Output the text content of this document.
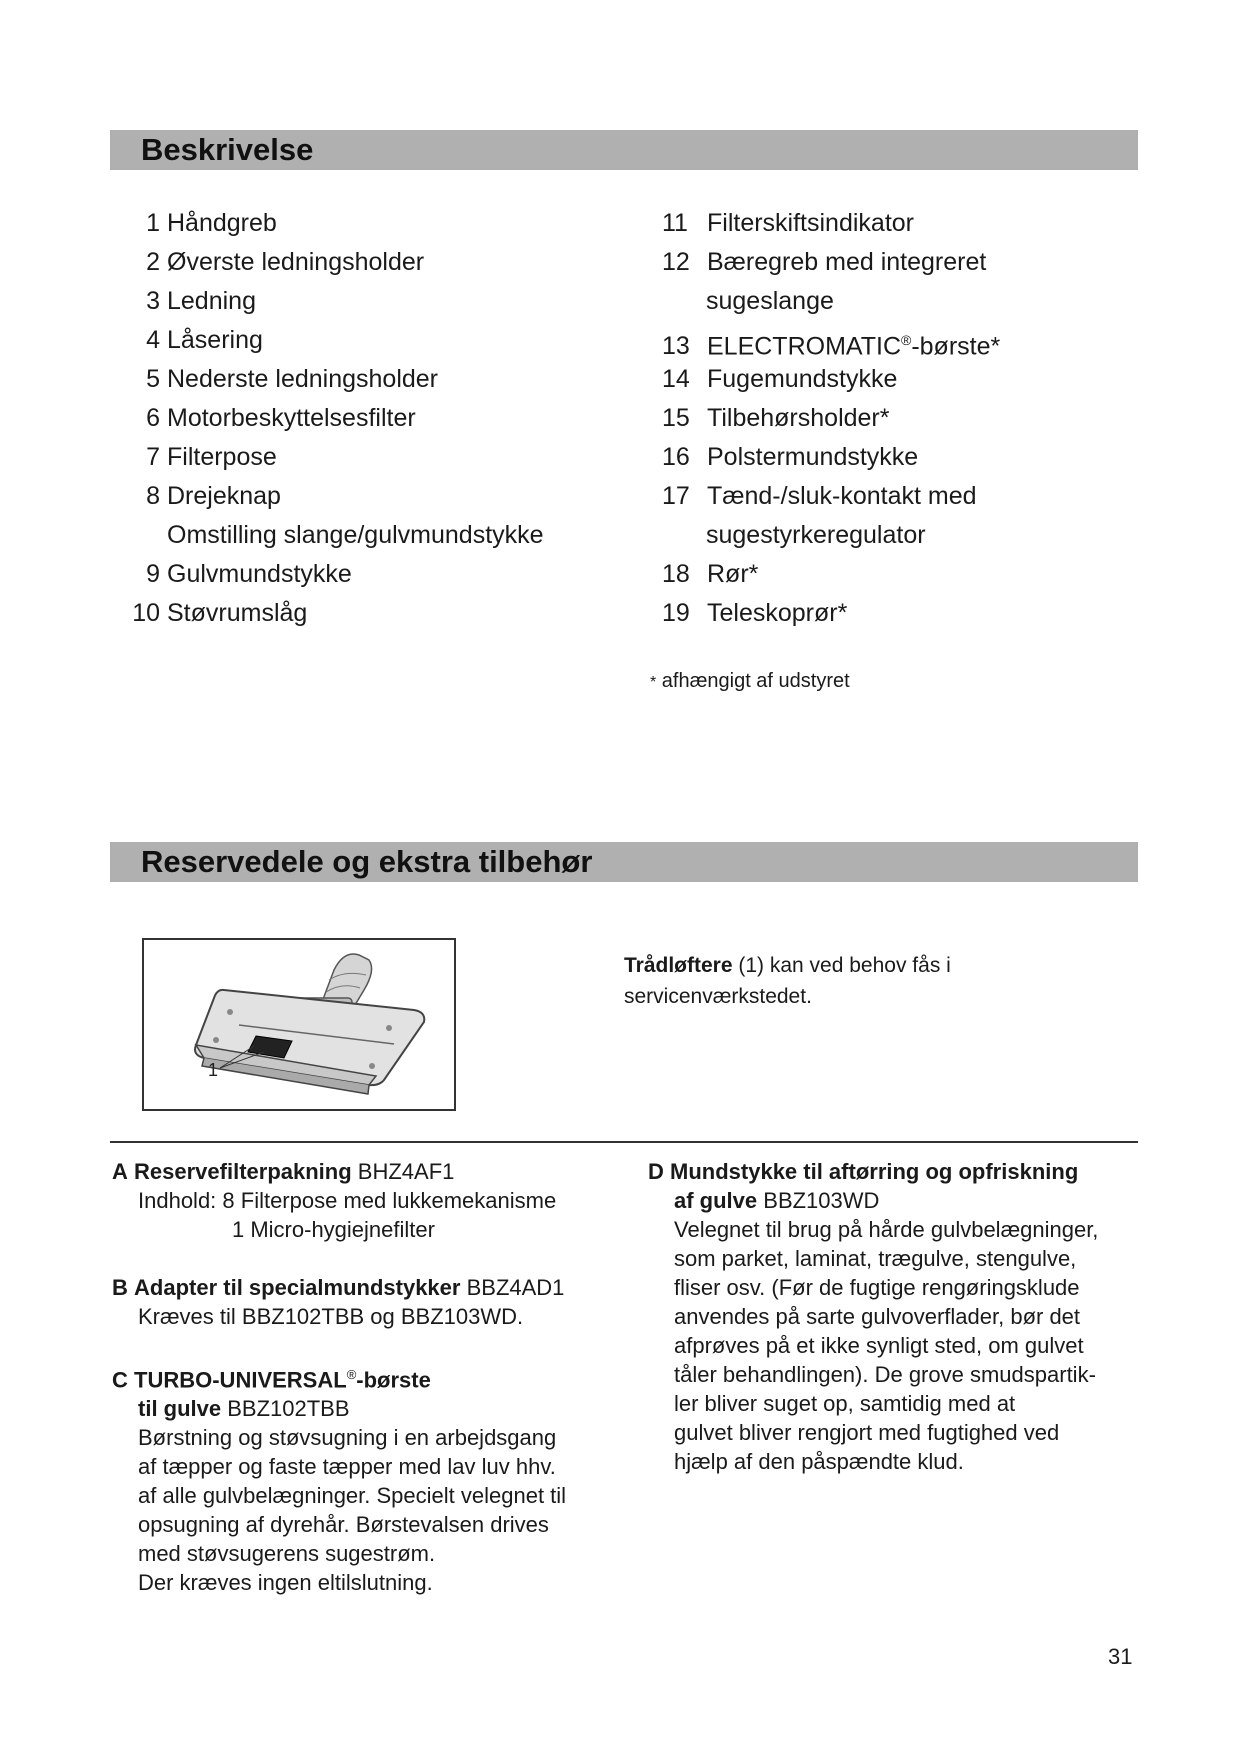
Beskrivelse
1 Håndgreb
2 Øverste ledningsholder
3 Ledning
4 Låsering
5 Nederste ledningsholder
6 Motorbeskyttelsesfilter
7 Filterpose
8 Drejeknap
Omstilling slange/gulvmundstykke
9 Gulvmundstykke
10 Støvrumslåg
11 Filterskiftsindikator
12 Bæregreb med integreret
sugeslange
13 ELECTROMATIC®-børste*
14 Fugemundstykke
15 Tilbehørsholder*
16 Polstermundstykke
17 Tænd-/sluk-kontakt med
sugestyrkeregulator
18 Rør*
19 Teleskoprør*
* afhængigt af udstyret
Reservedele og ekstra tilbehør
1
Trådløftere (1) kan ved behov fås i servicenværkstedet.
A Reservefilterpakning BHZ4AF1
Indhold: 8 Filterpose med lukkemekanisme
1 Micro-hygiejnefilter
B Adapter til specialmundstykker BBZ4AD1
Kræves til BBZ102TBB og BBZ103WD.
C TURBO-UNIVERSAL®-børste
til gulve BBZ102TBB
Børstning og støvsugning i en arbejdsgang
af tæpper og faste tæpper med lav luv hhv.
af alle gulvbelægninger. Specielt velegnet til
opsugning af dyrehår. Børstevalsen drives
med støvsugerens sugestrøm.
Der kræves ingen eltilslutning.
D Mundstykke til aftørring og opfriskning
af gulve BBZ103WD
Velegnet til brug på hårde gulvbelægninger,
som parket, laminat, trægulve, stengulve,
fliser osv. (Før de fugtige rengøringsklude
anvendes på sarte gulvoverflader, bør det
afprøves på et ikke synligt sted, om gulvet
tåler behandlingen). De grove smudspartik-
ler bliver suget op, samtidig med at
gulvet bliver rengjort med fugtighed ved
hjælp af den påspændte klud.
31
